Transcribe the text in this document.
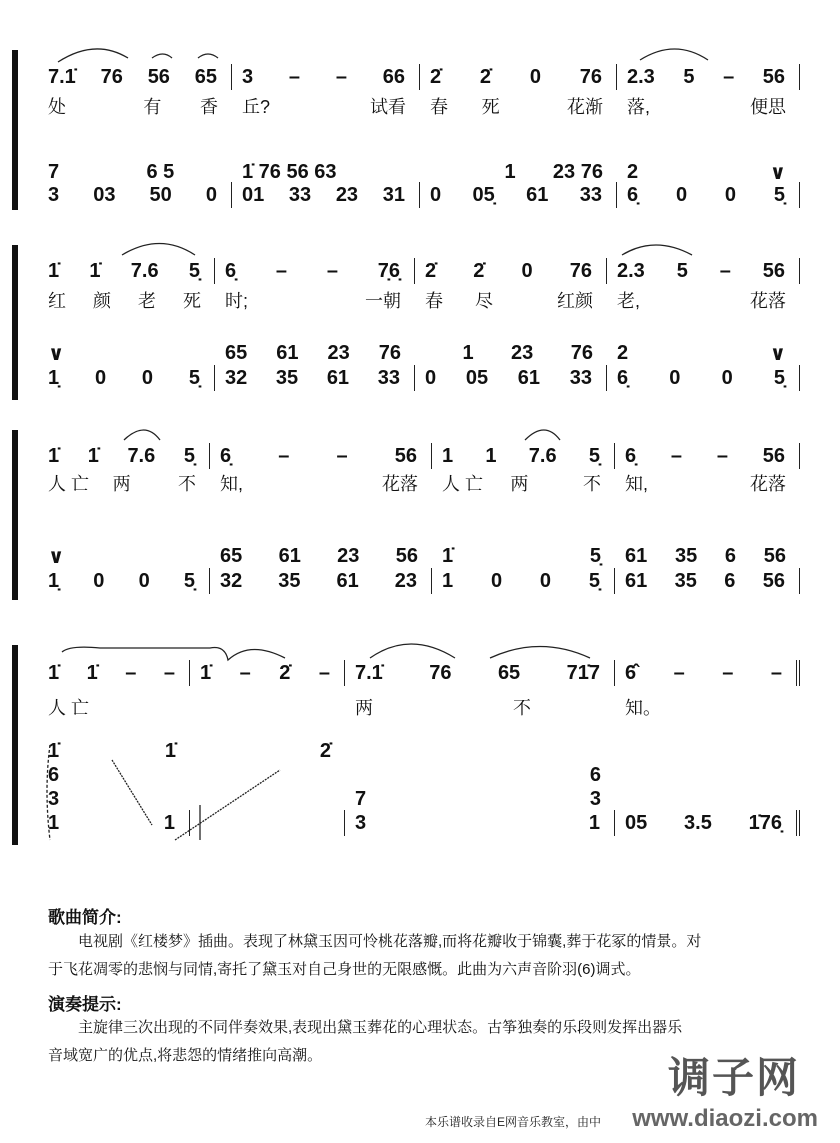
7.1̇ 76 56 65 3 – – 66 2̇ 2̇ 0 76 2.3 5 – 56
处	有 香 丘?	试看 春 死	花渐 落,	便思
7	6 5	1̇ 76 56 63	1 23 76 2	∨
3 03 50 0 01 33 23 31 0 05̣ 61 33 6̣ 0 0 5̣
1̇ 1̇ 7.6 5̣ 6̣ – – 7̣6̣ 2̇ 2̇ 0 76 2.3 5 – 56
红 颜 老 死 时;	一朝 春 尽	红颜 老,	花落
∨	65 61 23 76	1 23 76 2	∨
1̣ 0 0 5̣ 32 35 61 33 0 05 61 33 6̣ 0 0 5̣
1̇ 1̇ 7.6 5̣ 6̣ – – 56 1 1 7.6 5̣ 6̣ – – 56
人 亡 两	不 知,	花落 人 亡 两	不 知,	花落
∨	65 61 23 56 1̇	5̣ 61 35 6 56
1̣ 0 0 5̣ 32 35 61 23 1 0 0 5̣ 61 35 6 56
1̇ 1̇ – – 1̇ – 2̇ – 7.1̇ 76 65 71̇7 6̂ – – –
人 亡	两	不	知。
1̇	1̇	2̇
6	6
3	7	3
1	1	3	1 05 3.5 1̇76̣
歌曲简介:
电视剧《红楼梦》插曲。表现了林黛玉因可怜桃花落瓣,而将花瓣收于锦囊,葬于花冢的情景。对
于飞花凋零的悲悯与同情,寄托了黛玉对自己身世的无限感慨。此曲为六声音阶羽(6)调式。
演奏提示:
主旋律三次出现的不同伴奏效果,表现出黛玉葬花的心理状态。古筝独奏的乐段则发挥出器乐
音域宽广的优点,将悲怨的情绪推向高潮。	调子网
本乐谱收录自E网音乐教室，由中 www.diaozi.com
